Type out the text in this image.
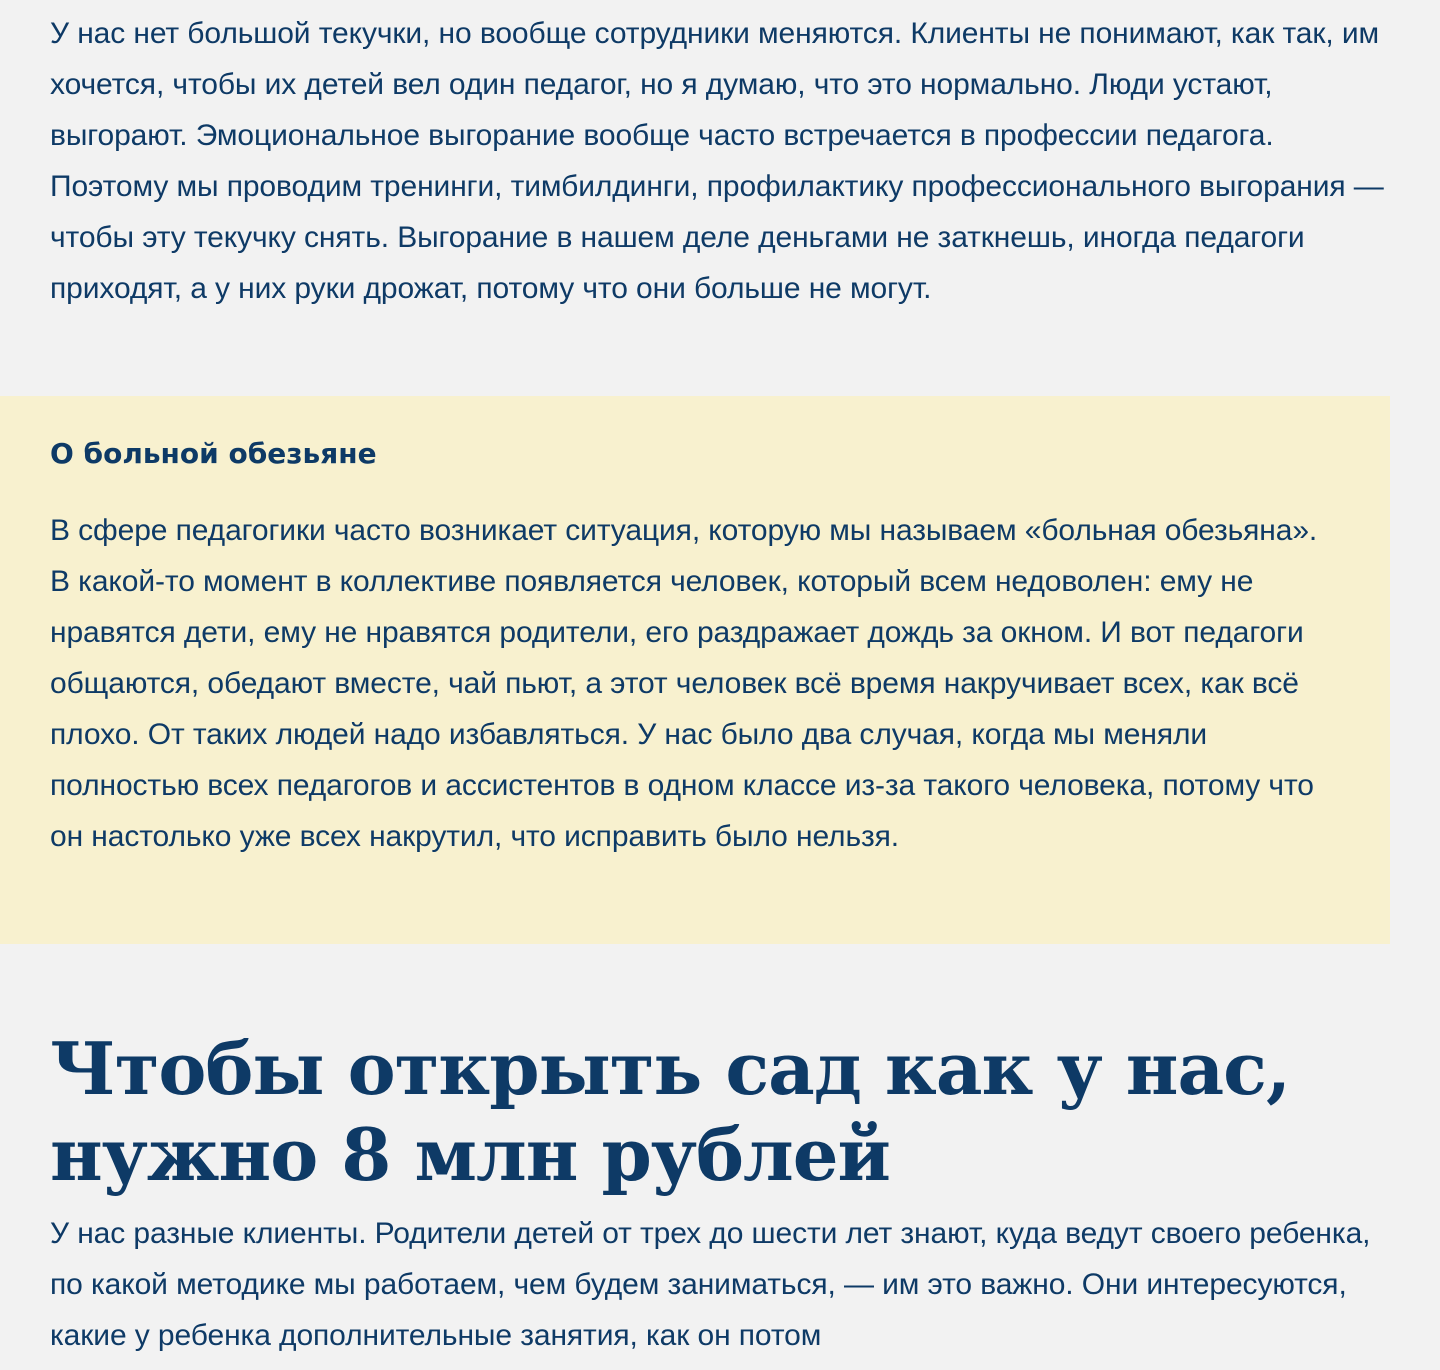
У нас нет большой текучки, но вообще сотрудники меняются. Клиенты не понимают, как так, им хочется, чтобы их детей вел один педагог, но я думаю, что это нормально. Люди устают, выгорают. Эмоциональное выгорание вообще часто встречается в профессии педагога. Поэтому мы проводим тренинги, тимбилдинги, профилактику профессионального выгорания — чтобы эту текучку снять. Выгорание в нашем деле деньгами не заткнешь, иногда педагоги приходят, а у них руки дрожат, потому что они больше не могут.

О больной обезьяне

В сфере педагогики часто возникает ситуация, которую мы называем «больная обезьяна». В какой-то момент в коллективе появляется человек, который всем недоволен: ему не нравятся дети, ему не нравятся родители, его раздражает дождь за окном. И вот педагоги общаются, обедают вместе, чай пьют, а этот человек всё время накручивает всех, как всё плохо. От таких людей надо избавляться. У нас было два случая, когда мы меняли полностью всех педагогов и ассистентов в одном классе из-за такого человека, потому что он настолько уже всех накрутил, что исправить было нельзя.

Чтобы открыть сад как у нас, нужно 8 млн рублей

У нас разные клиенты. Родители детей от трех до шести лет знают, куда ведут своего ребенка, по какой методике мы работаем, чем будем заниматься, — им это важно. Они интересуются, какие у ребенка дополнительные занятия, как он потом
